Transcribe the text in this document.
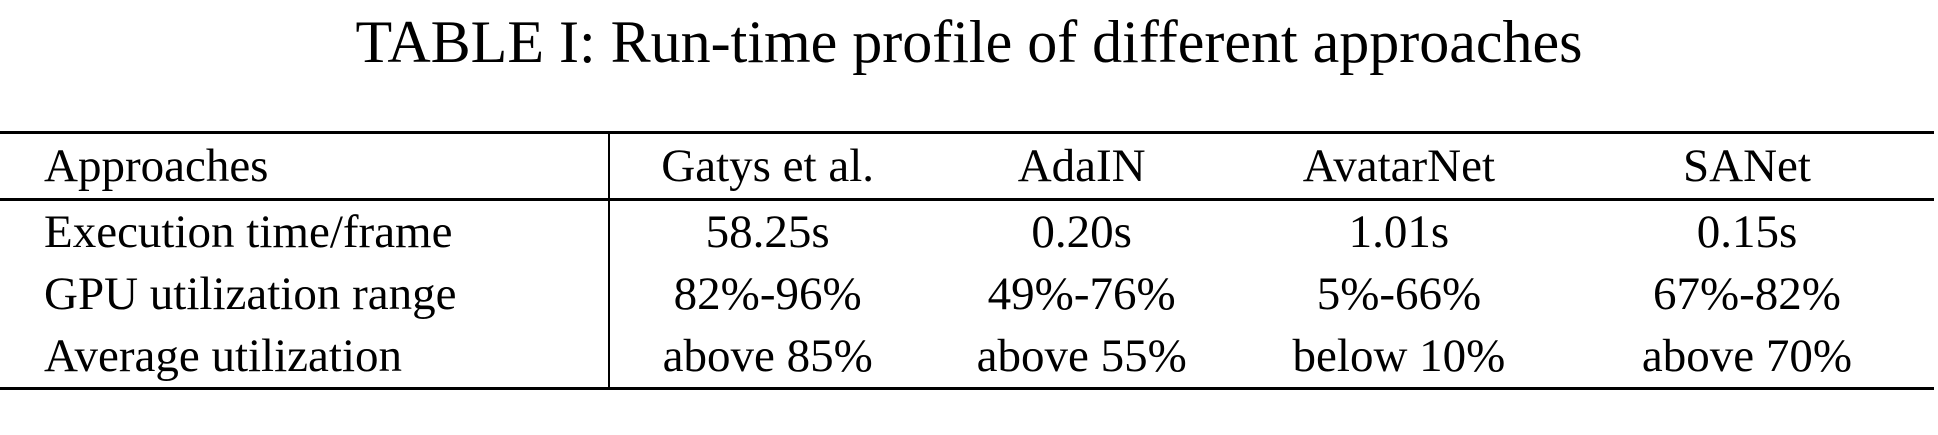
TABLE I: Run-time profile of different approaches
Approaches	Gatys et al.	AdaIN	AvatarNet	SANet
Execution time/frame	58.25s	0.20s	1.01s	0.15s
GPU utilization range	82%-96%	49%-76%	5%-66%	67%-82%
Average utilization	above 85%	above 55%	below 10%	above 70%
